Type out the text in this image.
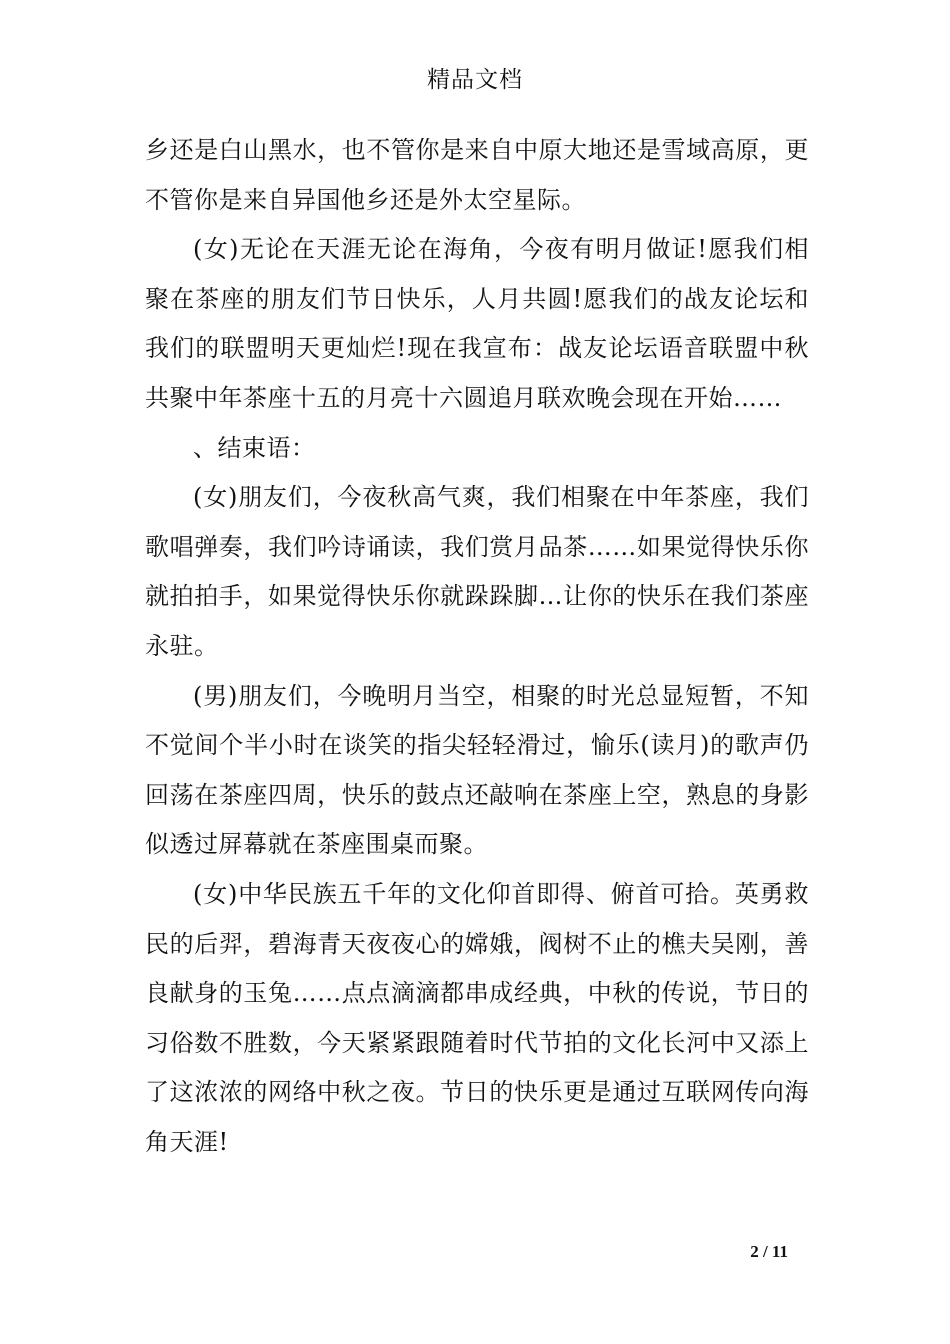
精品文档

乡还是白山黑水，也不管你是来自中原大地还是雪域高原，更不管你是来自异国他乡还是外太空星际。

(女)无论在天涯无论在海角，今夜有明月做证!愿我们相聚在茶座的朋友们节日快乐，人月共圆!愿我们的战友论坛和我们的联盟明天更灿烂!现在我宣布：战友论坛语音联盟中秋共聚中年茶座十五的月亮十六圆追月联欢晚会现在开始……

、结束语：

(女)朋友们，今夜秋高气爽，我们相聚在中年茶座，我们歌唱弹奏，我们吟诗诵读，我们赏月品茶……如果觉得快乐你就拍拍手，如果觉得快乐你就跺跺脚…让你的快乐在我们茶座永驻。

(男)朋友们，今晚明月当空，相聚的时光总显短暂，不知不觉间个半小时在谈笑的指尖轻轻滑过，愉乐(读月)的歌声仍回荡在茶座四周，快乐的鼓点还敲响在茶座上空，熟息的身影似透过屏幕就在茶座围桌而聚。

(女)中华民族五千年的文化仰首即得、俯首可拾。英勇救民的后羿，碧海青天夜夜心的嫦娥，阀树不止的樵夫吴刚，善良献身的玉兔……点点滴滴都串成经典，中秋的传说，节日的习俗数不胜数，今天紧紧跟随着时代节拍的文化长河中又添上了这浓浓的网络中秋之夜。节日的快乐更是通过互联网传向海角天涯!

2 / 11
